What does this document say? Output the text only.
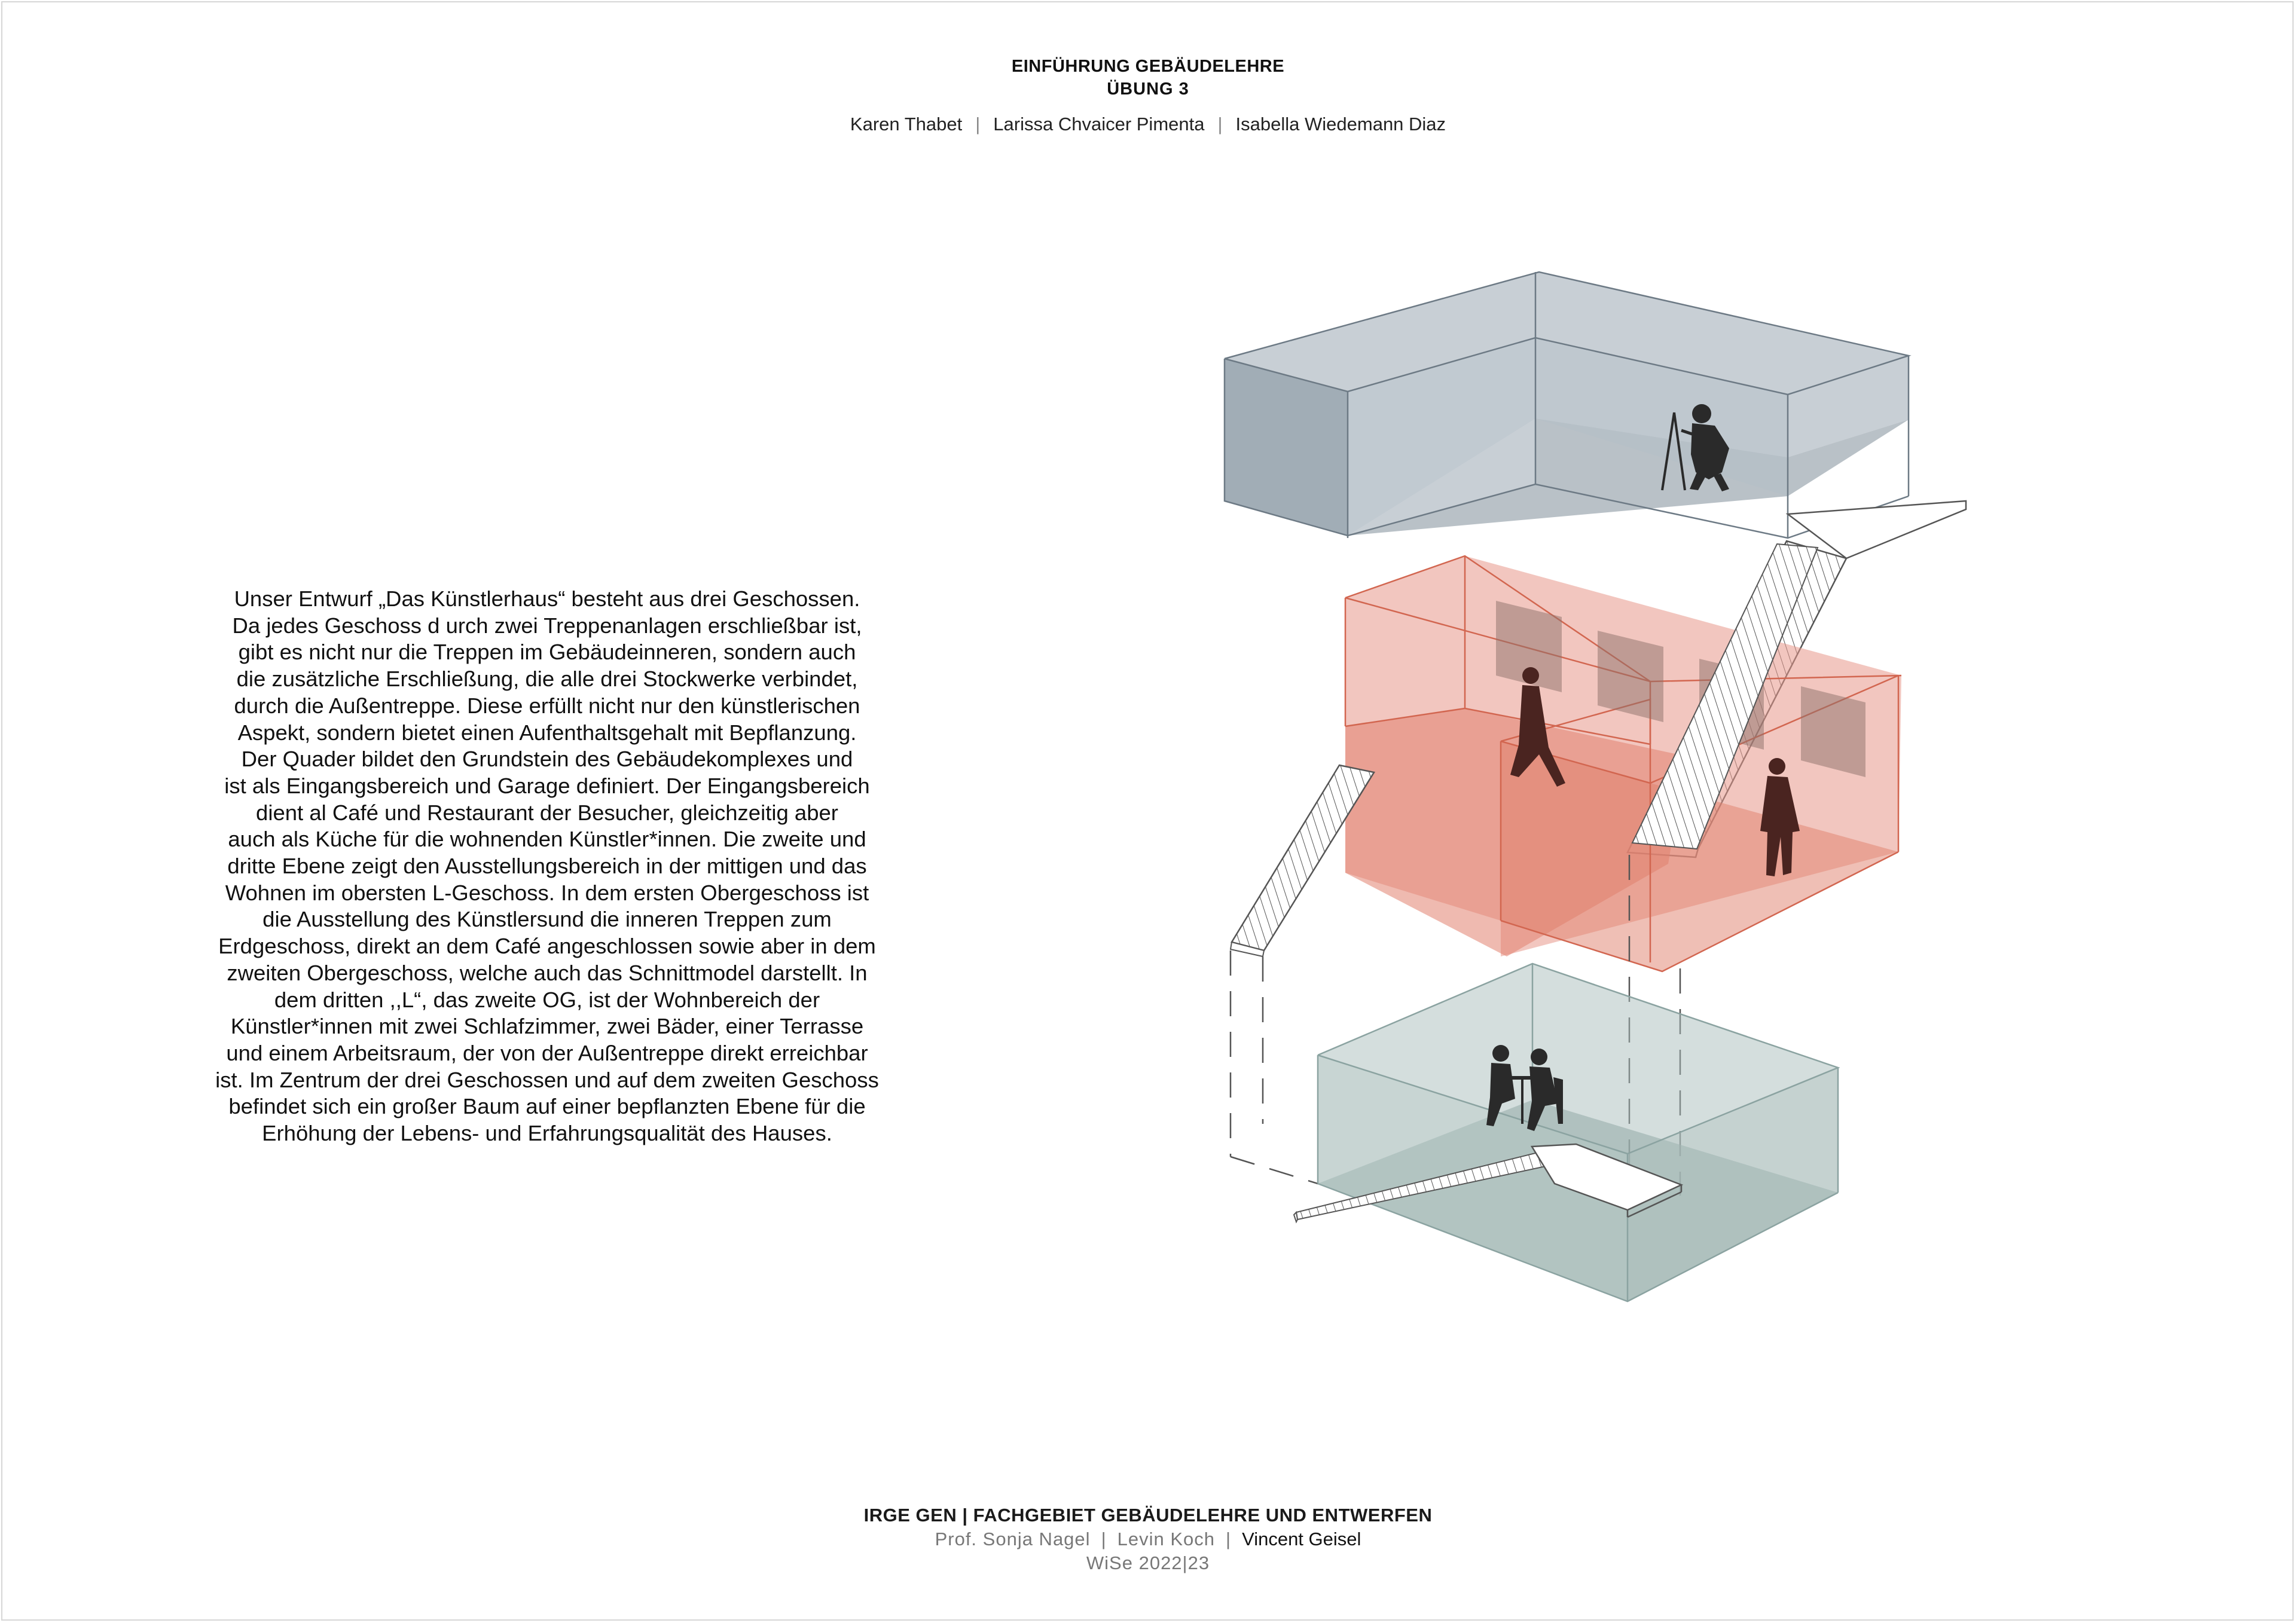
EINFÜHRUNG GEBÄUDELEHRE
ÜBUNG 3
Karen Thabet | Larissa Chvaicer Pimenta | Isabella Wiedemann Diaz
Unser Entwurf „Das Künstlerhaus“ besteht aus drei Geschossen.
Da jedes Geschoss d urch zwei Treppenanlagen erschließbar ist,
gibt es nicht nur die Treppen im Gebäudeinneren, sondern auch
die zusätzliche Erschließung, die alle drei Stockwerke verbindet,
durch die Außentreppe. Diese erfüllt nicht nur den künstlerischen
Aspekt, sondern bietet einen Aufenthaltsgehalt mit Bepflanzung.
Der Quader bildet den Grundstein des Gebäudekomplexes und
ist als Eingangsbereich und Garage definiert. Der Eingangsbereich
dient al Café und Restaurant der Besucher, gleichzeitig aber
auch als Küche für die wohnenden Künstler*innen. Die zweite und
dritte Ebene zeigt den Ausstellungsbereich in der mittigen und das
Wohnen im obersten L-Geschoss. In dem ersten Obergeschoss ist
die Ausstellung des Künstlersund die inneren Treppen zum
Erdgeschoss, direkt an dem Café angeschlossen sowie aber in dem
zweiten Obergeschoss, welche auch das Schnittmodel darstellt. In
dem dritten ,,L“, das zweite OG, ist der Wohnbereich der
Künstler*innen mit zwei Schlafzimmer, zwei Bäder, einer Terrasse
und einem Arbeitsraum, der von der Außentreppe direkt erreichbar
ist. Im Zentrum der drei Geschossen und auf dem zweiten Geschoss
befindet sich ein großer Baum auf einer bepflanzten Ebene für die
Erhöhung der Lebens- und Erfahrungsqualität des Hauses.
IRGE GEN | FACHGEBIET GEBÄUDELEHRE UND ENTWERFEN
Prof. Sonja Nagel | Levin Koch | Vincent Geisel
WiSe 2022|23
